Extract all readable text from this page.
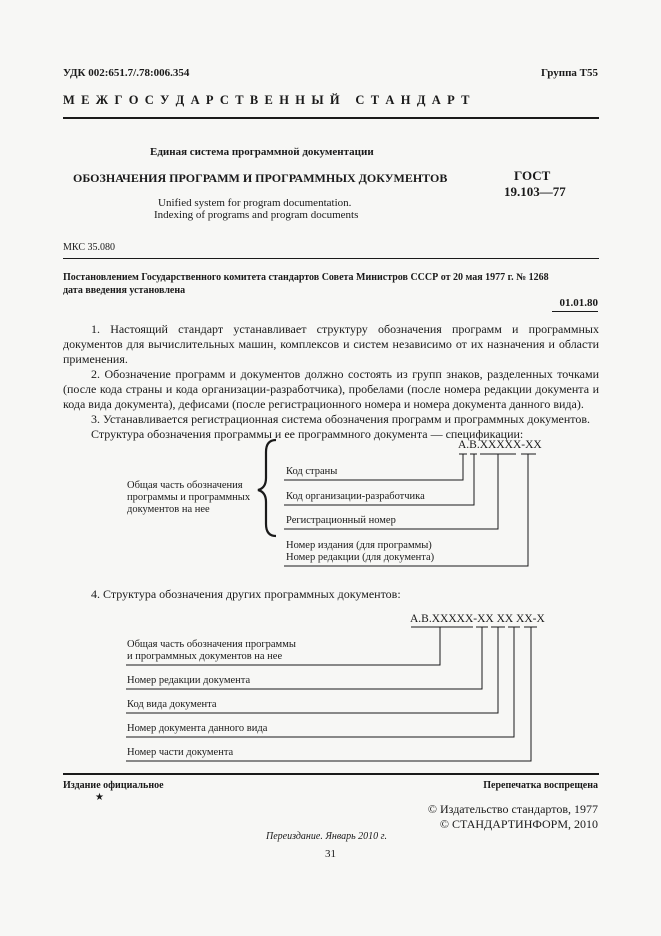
УДК 002:651.7/.78:006.354	Группа Т55
М Е Ж Г О С У Д А Р С Т В Е Н Н Ы Й   С Т А Н Д А Р Т
Единая система программной документации
ОБОЗНАЧЕНИЯ ПРОГРАММ И ПРОГРАММНЫХ ДОКУМЕНТОВ
Unified system for program documentation.
Indexing of programs and program documents
ГОСТ
19.103—77
МКС 35.080
Постановлением Государственного комитета стандартов Совета Министров СССР от 20 мая 1977 г. № 1268
дата введения установлена
01.01.80

1. Настоящий стандарт устанавливает структуру обозначения программ и программных документов для вычислительных машин, комплексов и систем независимо от их назначения и области применения.

2. Обозначение программ и документов должно состоять из групп знаков, разделенных точками (после кода страны и кода организации-разработчика), пробелами (после номера редакции документа и кода вида документа), дефисами (после регистрационного номера и номера документа данного вида).

3. Устанавливается регистрационная система обозначения программ и программных документов.

Структура обозначения программы и ее программного документа — спецификации:

А.В.ХХХХХ-ХХ
Общая часть обозначения
программы и программных
документов на нее
Код страны
Код организации-разработчика
Регистрационный номер
Номер издания (для программы)
Номер редакции (для документа)
4. Структура обозначения других программных документов:
А.В.ХХХХХ-ХХ ХХ ХХ-Х
Общая часть обозначения программы
и программных документов на нее
Номер редакции документа
Код вида документа
Номер документа данного вида
Номер части документа
Издание официальное
★
Перепечатка воспрещена
© Издательство стандартов, 1977
© СТАНДАРТИНФОРМ, 2010
Переиздание. Январь 2010 г.
31
